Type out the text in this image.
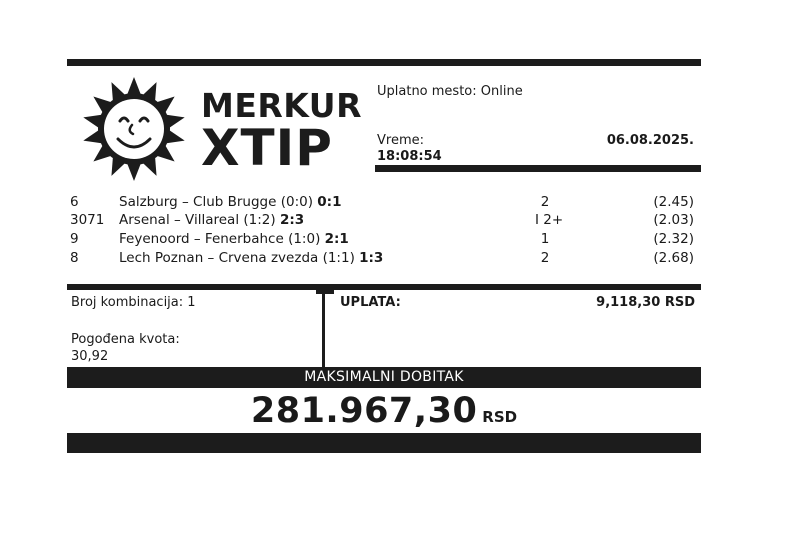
MERKUR
XTIP
Uplatno mesto: Online
Vreme:
18:08:54
06.08.2025.
6	Salzburg – Club Brugge (0:0) 0:1	2	(2.45)
3071 Arsenal – Villareal (1:2) 2:3	I 2+	(2.03)
9	Feyenoord – Fenerbahce (1:0) 2:1	1	(2.32)
8	Lech Poznan – Crvena zvezda (1:1) 1:3	2	(2.68)
Broj kombinacija: 1
Pogođena kvota:
30,92
UPLATA:	9,118,30 RSD
MAKSIMALNI DOBITAK
281.967,30 RSD
